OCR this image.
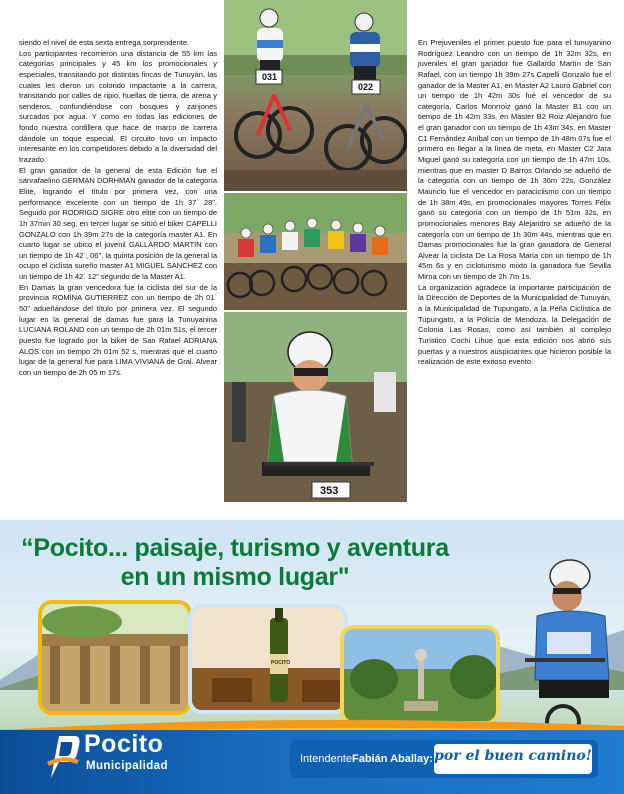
siendo el nivel de esta sexta entrega sorprendente.

Los participantes recorrieron una distancia de 55 km las categorías principales y 45 km los promocionales y especiales, transitando por distintas fincas de Tunuyán, las cuales les dieron un colorido impactante a la carrera, transitando por calles de ripio, huellas de tierra, de arena y senderos, confundiéndose con bosques y zanjones surcados por agua. Y como en todas las ediciones de fondo nuestra cordillera que hace de marco de carrera dándole un toque especial. El circuito tuvo un impacto interesante en los competidores debido a la diversidad del trazado.

El gran ganador de la general de esta Edición fue el sanrafaelino GERMAN DORHMAN ganador de la categoría Elite, logrando el título por primera vez, con una performance excelente con un tiempo de 1h 37` 28". Seguido por RODRIGO SIGRE otro elite con un tiempo de 1h 37min 30 seg, en tercer lugar se situó el biker CAPELLI GONZALO con 1h 39m 27s de la categoría master A1. En cuarto lugar se ubico el juvenil GALLARDO MARTIN con un tiempo de 1h 42´, 06", la quinta posición de la general la ocupo el ciclista sureño master A1 MIGUEL SANCHEZ con un tiempo de 1h 42` 12" segundo de la Master A1.

En Damas la gran vencedora fue la ciclista del sur de la provincia ROMINA GUTIERREZ con un tiempo de 2h 01` 50" adueñándose del título por primera vez. El segundo lugar en la general de damas fue para la Tunuyanina LUCIANA ROLAND con un tiempo de 2h 01m 51s, el tercer puesto fue logrado por la biker de San Rafael ADRIANA ALOS con un tiempo 2h 01m 52 s, mientras que el cuarto lugar de la general fue para LIMA VIVIANA de Gral. Alvear con un tiempo de 2h 05 m 17s.

En Prejuveniles el primer puesto fue para el tunuyanino Rodríguez Leandro con un tiempo de 1h 32m 32s, en juveniles el gran ganador fue Gallardo Martín de San Rafael, con un tiempo 1h 39m 27s Capelli Gonzalo fue el ganador de la Master A1, en Master A2 Lauro Gabriel con un tiempo de 1h 42m 30s fué el vencedor de su categoría, Carlos Monrroiz ganó la Master B1 con un tiempo de 1h 42m 33s, en Master B2 Roiz Alejandro fue el gran ganador con un tiempo de 1h 43m 34s, en Master C1 Fernández Aníbal con un tiempo de 1h 48m 07s fue el primero en llegar a la línea de meta, en Master C2 Jara Miguel ganó su categoría con un tiempo de 1h 47m 10s, mientras que en master D Barros Orlando se adueñó de la categoría con un tiempo de 1h 36m 22s, González Mauricio fue el vencedor en paraciclismo con un tiempo de 1h 38m 49s, en promocionales mayores Torres Félix ganó su categoría con un tiempo de 1h 51m 32s, en promocionales menores Bay Alejandro se adueñó de la categoría con un tiempo de 1h 30m 44s, mientras que en Damas promocionales fue la gran ganadora de General Alvear la ciclista De La Rosa María con un tiempo de 1h 45m 6s y en cicloturismo mixto la ganadora fue Sevilla Mirna con un tiempo de 2h 7m 1s.

La organización agradece la importante participación de la Dirección de Deportes de la Municipalidad de Tunuyán, a la Municipalidad de Tupungato, a la Peña Ciclística de Tupungato, a la Policía de Mendoza, la Delegación de Colonia Las Rosas, como así también al complejo Turístico Cochi Lihue que esta edición nos abrió sus puertas y a nuestros auspiciantes que hicieron posible la realización de este exitoso evento.

031
022
353
“Pocito... paisaje, turismo y aventura
en un mismo lugar"
POCITO
Pocito
Municipalidad
Intendente Fabián Aballay: por el buen camino!
